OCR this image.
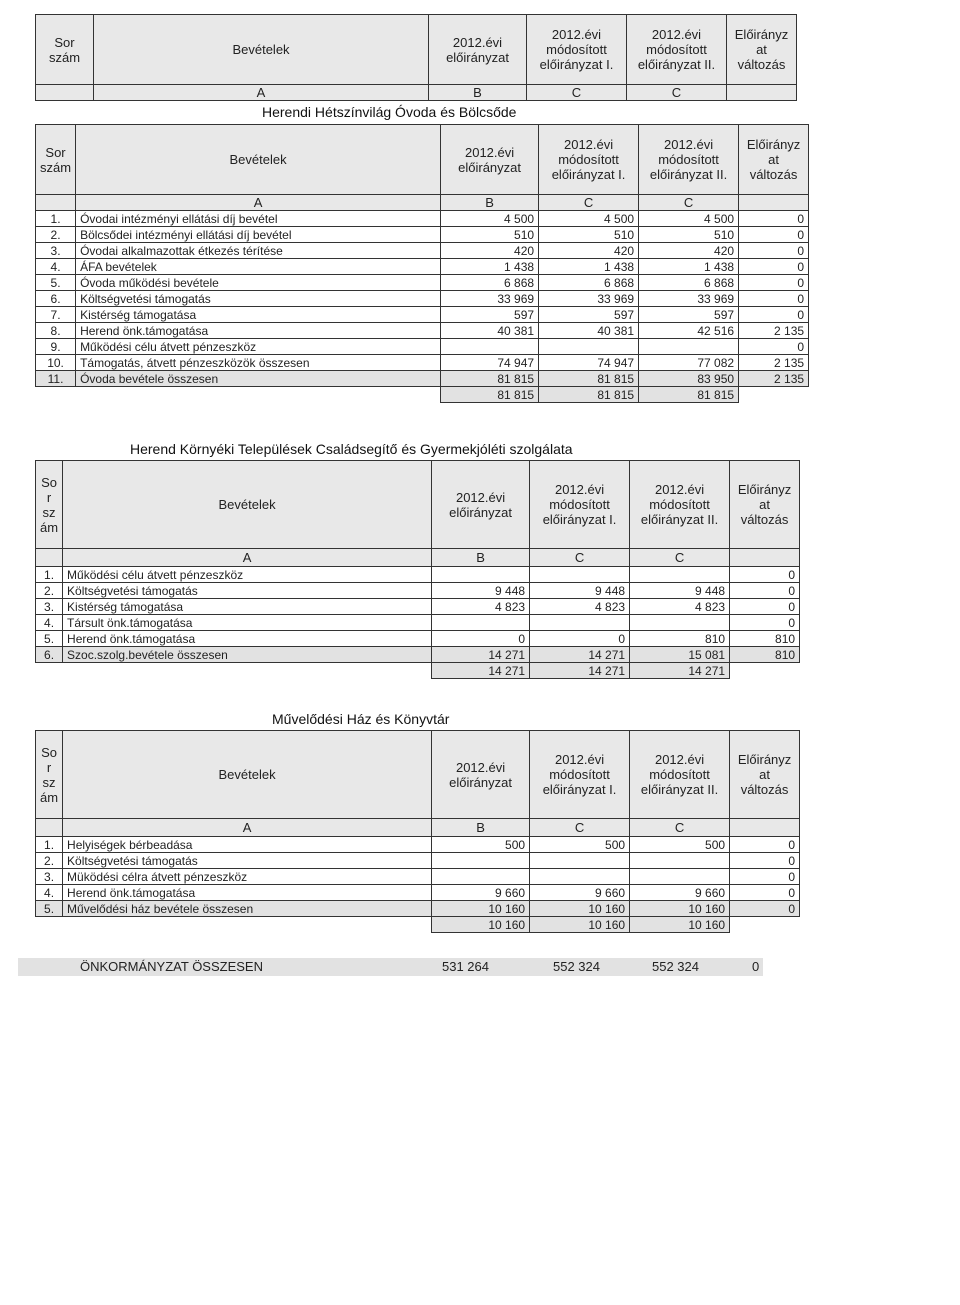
Sor szám	Bevételek	2012.évi előirányzat	2012.évi módosított előirányzat I.	2012.évi módosított előirányzat II.	Előirányz at változás
	A	B	C	C	
Herendi Hétszínvilág Óvoda és Bölcsőde
Sor szám	Bevételek	2012.évi előirányzat	2012.évi módosított előirányzat I.	2012.évi módosított előirányzat II.	Előirányz at változás
	A	B	C	C	
1.	Óvodai intézményi ellátási díj bevétel	4 500	4 500	4 500	0
2.	Bölcsődei intézményi ellátási díj bevétel	510	510	510	0
3.	Óvodai alkalmazottak étkezés térítése	420	420	420	0
4.	ÁFA bevételek	1 438	1 438	1 438	0
5.	Óvoda működési bevétele	6 868	6 868	6 868	0
6.	Költségvetési támogatás	33 969	33 969	33 969	0
7.	Kistérség támogatása	597	597	597	0
8.	Herend önk.támogatása	40 381	40 381	42 516	2 135
9.	Működési célu átvett pénzeszköz				0
10.	Támogatás, átvett pénzeszközök összesen	74 947	74 947	77 082	2 135
11.	Óvoda bevétele összesen	81 815	81 815	83 950	2 135
		81 815	81 815	81 815	
Herend Környéki Települések Családsegítő és Gyermekjóléti szolgálata
So r sz ám	Bevételek	2012.évi előirányzat	2012.évi módosított előirányzat I.	2012.évi módosított előirányzat II.	Előirányz at változás
	A	B	C	C	
1.	Működési célu átvett pénzeszköz				0
2.	Költségvetési támogatás	9 448	9 448	9 448	0
3.	Kistérség támogatása	4 823	4 823	4 823	0
4.	Társult önk.támogatása				0
5.	Herend önk.támogatása	0	0	810	810
6.	Szoc.szolg.bevétele összesen	14 271	14 271	15 081	810
		14 271	14 271	14 271	
Művelődési Ház és Könyvtár
So r sz ám	Bevételek	2012.évi előirányzat	2012.évi módosított előirányzat I.	2012.évi módosított előirányzat II.	Előirányz at változás
	A	B	C	C	
1.	Helyiségek bérbeadása	500	500	500	0
2.	Költségvetési támogatás				0
3.	Müködési célra átvett pénzeszköz				0
4.	Herend önk.támogatása	9 660	9 660	9 660	0
5.	Művelődési ház bevétele összesen	10 160	10 160	10 160	0
		10 160	10 160	10 160	
ÖNKORMÁNYZAT ÖSSZESEN	531 264	552 324	552 324	0
